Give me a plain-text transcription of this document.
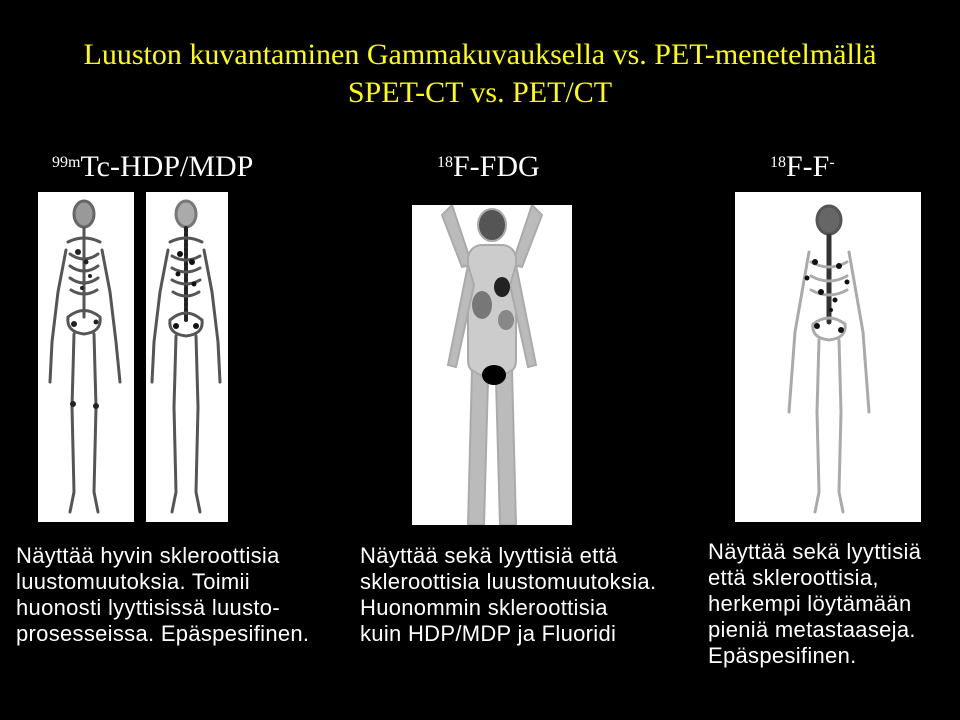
Luuston kuvantaminen Gammakuvauksella vs. PET-menetelmällä
SPET-CT vs. PET/CT
$^{99m}$Tc-HDP/MDP	$^{18}$F-FDG	$^{18}$F-F-
Näyttää hyvin skleroottisia
luustomuutoksia. Toimii
huonosti lyyttisissä luusto-
prosesseissa. Epäspesifinen.
Näyttää sekä lyyttisiä että
skleroottisia luustomuutoksia.
Huonommin skleroottisia
kuin HDP/MDP ja Fluoridi
Näyttää sekä lyyttisiä
että skleroottisia,
herkempi löytämään
pieniä metastaaseja.
Epäspesifinen.
